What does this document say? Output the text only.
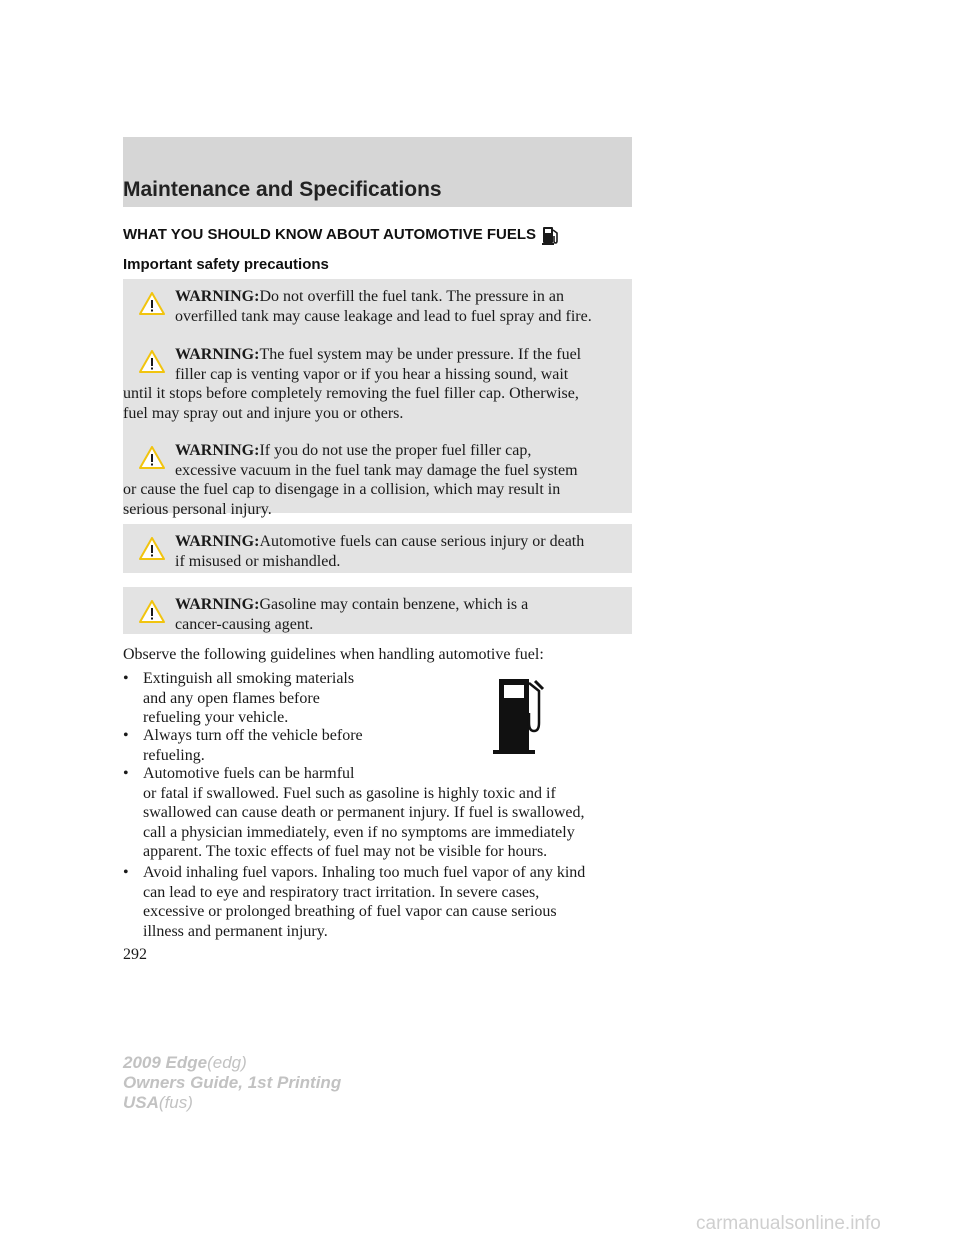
Maintenance and Specifications
WHAT YOU SHOULD KNOW ABOUT AUTOMOTIVE FUELS
Important safety precautions
WARNING:Do not overfill the fuel tank. The pressure in an
overfilled tank may cause leakage and lead to fuel spray and fire.
WARNING:The fuel system may be under pressure. If the fuel
filler cap is venting vapor or if you hear a hissing sound, wait
until it stops before completely removing the fuel filler cap. Otherwise,
fuel may spray out and injure you or others.
WARNING:If you do not use the proper fuel filler cap,
excessive vacuum in the fuel tank may damage the fuel system
or cause the fuel cap to disengage in a collision, which may result in
serious personal injury.
WARNING:Automotive fuels can cause serious injury or death
if misused or mishandled.
WARNING:Gasoline may contain benzene, which is a
cancer-causing agent.
Observe the following guidelines when handling automotive fuel:
• Extinguish all smoking materials
and any open flames before
refueling your vehicle.
• Always turn off the vehicle before
refueling.
• Automotive fuels can be harmful
or fatal if swallowed. Fuel such as gasoline is highly toxic and if
swallowed can cause death or permanent injury. If fuel is swallowed,
call a physician immediately, even if no symptoms are immediately
apparent. The toxic effects of fuel may not be visible for hours.
• Avoid inhaling fuel vapors. Inhaling too much fuel vapor of any kind
can lead to eye and respiratory tract irritation. In severe cases,
excessive or prolonged breathing of fuel vapor can cause serious
illness and permanent injury.
292
2009 Edge(edg)
Owners Guide, 1st Printing
USA(fus)
carmanualsonline.info
